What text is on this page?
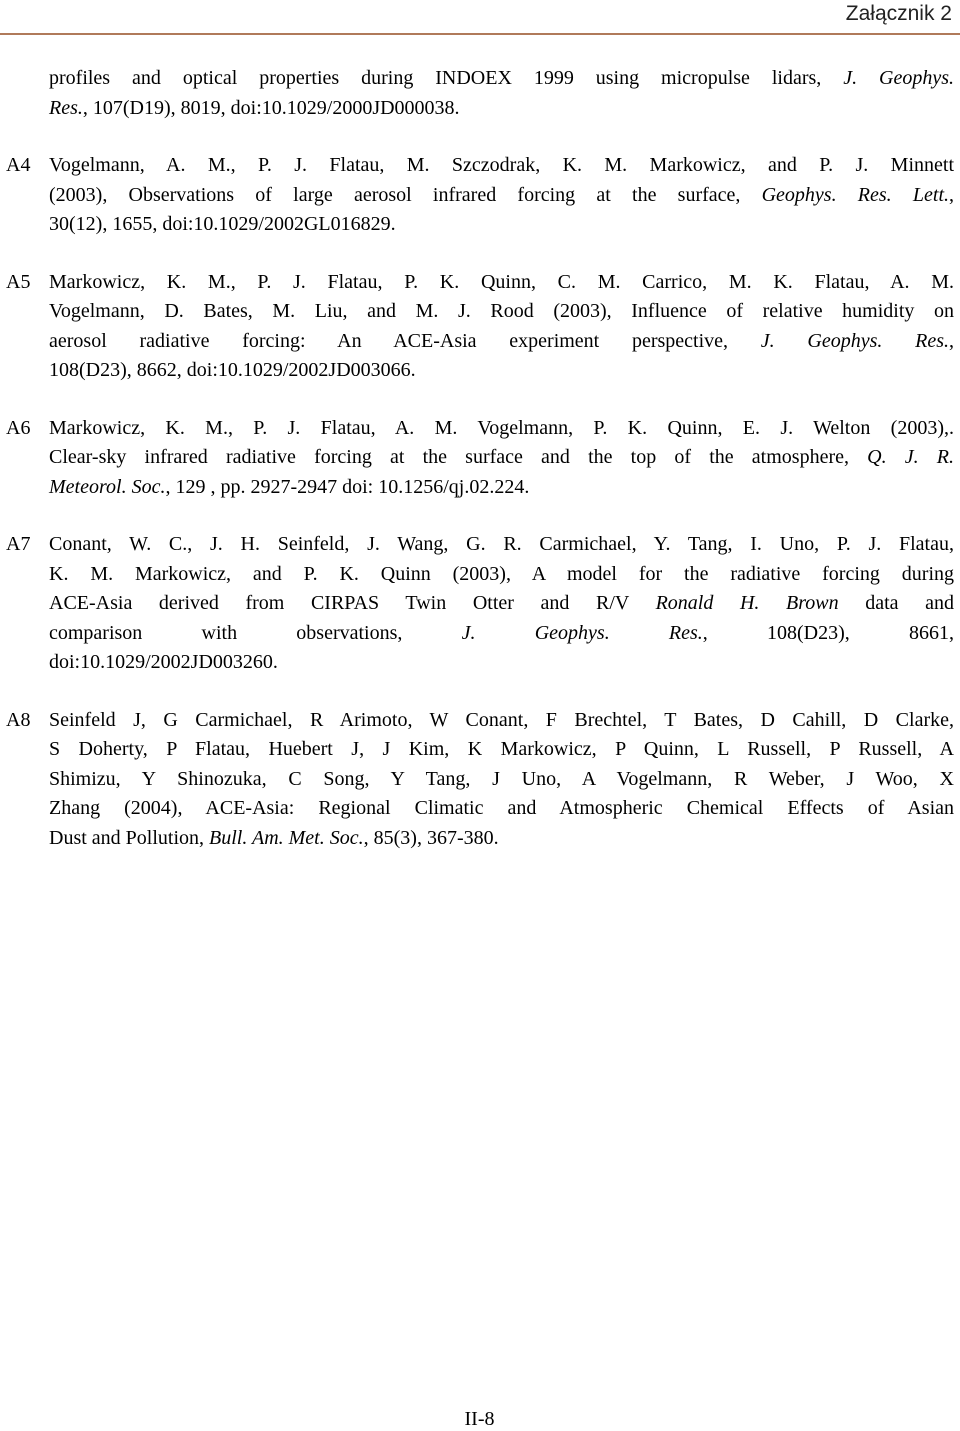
Załącznik 2
profiles and optical properties during INDOEX 1999 using micropulse lidars, J. Geophys.
Res., 107(D19), 8019, doi:10.1029/2000JD000038.
A4 Vogelmann, A. M., P. J. Flatau, M. Szczodrak, K. M. Markowicz, and P. J. Minnett
(2003), Observations of large aerosol infrared forcing at the surface, Geophys. Res. Lett.,
30(12), 1655, doi:10.1029/2002GL016829.
A5 Markowicz, K. M., P. J. Flatau, P. K. Quinn, C. M. Carrico, M. K. Flatau, A. M.
Vogelmann, D. Bates, M. Liu, and M. J. Rood (2003), Influence of relative humidity on
aerosol radiative forcing: An ACE-Asia experiment perspective, J. Geophys. Res.,
108(D23), 8662, doi:10.1029/2002JD003066.
A6 Markowicz, K. M., P. J. Flatau, A. M. Vogelmann, P. K. Quinn, E. J. Welton (2003),.
Clear-sky infrared radiative forcing at the surface and the top of the atmosphere, Q. J. R.
Meteorol. Soc., 129 , pp. 2927-2947 doi: 10.1256/qj.02.224.
A7 Conant, W. C., J. H. Seinfeld, J. Wang, G. R. Carmichael, Y. Tang, I. Uno, P. J. Flatau,
K. M. Markowicz, and P. K. Quinn (2003), A model for the radiative forcing during
ACE-Asia derived from CIRPAS Twin Otter and R/V Ronald H. Brown data and
comparison with observations, J. Geophys. Res., 108(D23), 8661,
doi:10.1029/2002JD003260.
A8 Seinfeld J, G Carmichael, R Arimoto, W Conant, F Brechtel, T Bates, D Cahill, D Clarke,
S Doherty, P Flatau, Huebert J, J Kim, K Markowicz, P Quinn, L Russell, P Russell, A
Shimizu, Y Shinozuka, C Song, Y Tang, J Uno, A Vogelmann, R Weber, J Woo, X
Zhang (2004), ACE-Asia: Regional Climatic and Atmospheric Chemical Effects of Asian
Dust and Pollution, Bull. Am. Met. Soc., 85(3), 367-380.
II-8
